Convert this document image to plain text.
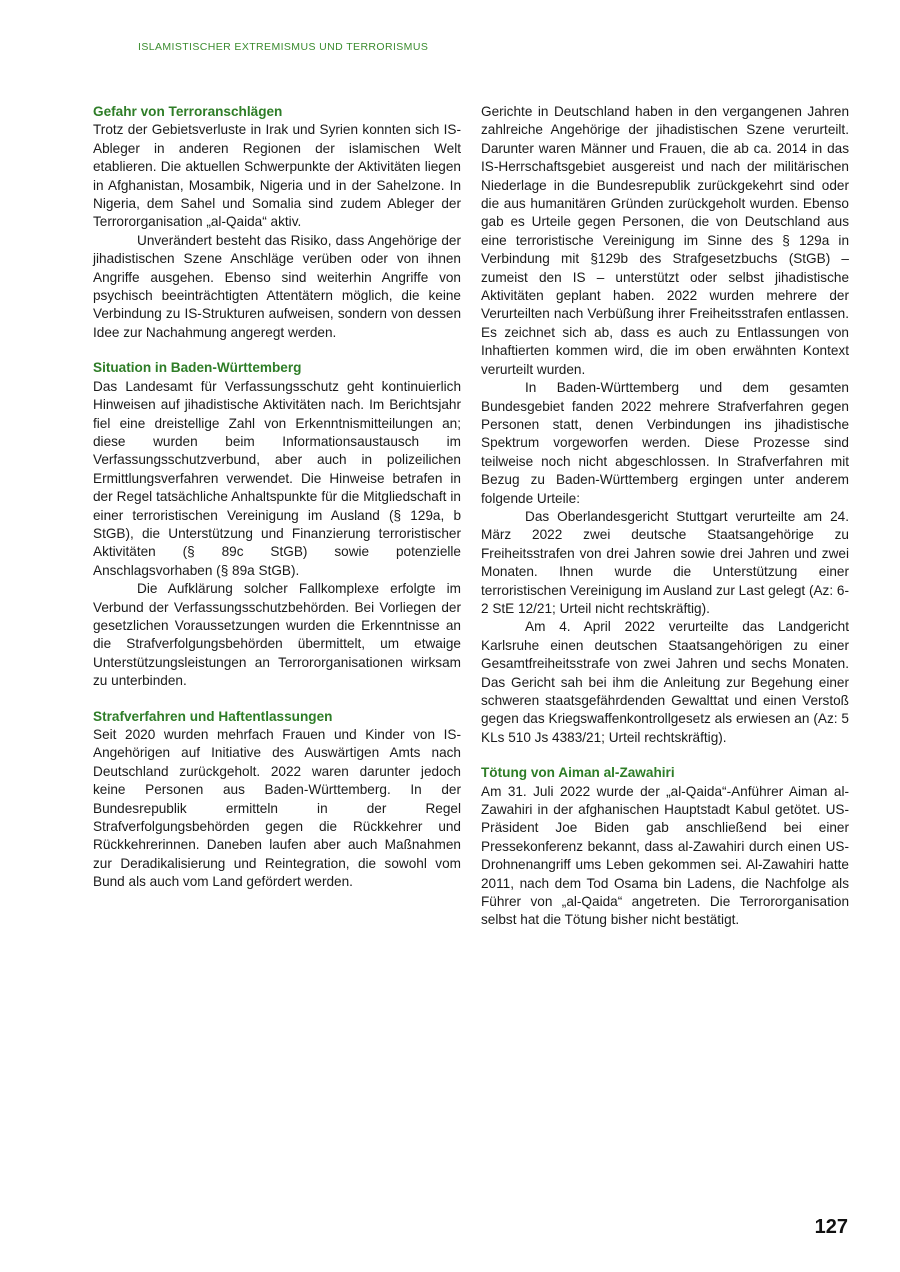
ISLAMISTISCHER EXTREMISMUS UND TERRORISMUS
Gefahr von Terroranschlägen

Trotz der Gebietsverluste in Irak und Syrien konnten sich IS-Ableger in anderen Regionen der islamischen Welt etablieren. Die aktuellen Schwerpunkte der Aktivitäten liegen in Afghanistan, Mosambik, Nigeria und in der Sahelzone. In Nigeria, dem Sahel und Somalia sind zudem Ableger der Terrororganisation „al-Qaida“ aktiv.

Unverändert besteht das Risiko, dass Angehörige der jihadistischen Szene Anschläge verüben oder von ihnen Angriffe ausgehen. Ebenso sind weiterhin Angriffe von psychisch beeinträchtigten Attentätern möglich, die keine Verbindung zu IS-Strukturen aufweisen, sondern von dessen Idee zur Nachahmung angeregt werden.

Situation in Baden-Württemberg

Das Landesamt für Verfassungsschutz geht kontinuierlich Hinweisen auf jihadistische Aktivitäten nach. Im Berichtsjahr fiel eine dreistellige Zahl von Erkenntnismitteilungen an; diese wurden beim Informationsaustausch im Verfassungsschutzverbund, aber auch in polizeilichen Ermittlungsverfahren verwendet. Die Hinweise betrafen in der Regel tatsächliche Anhaltspunkte für die Mitgliedschaft in einer terroristischen Vereinigung im Ausland (§ 129a, b StGB), die Unterstützung und Finanzierung terroristischer Aktivitäten (§ 89c StGB) sowie potenzielle Anschlagsvorhaben (§ 89a StGB).

Die Aufklärung solcher Fallkomplexe erfolgte im Verbund der Verfassungsschutzbehörden. Bei Vorliegen der gesetzlichen Voraussetzungen wurden die Erkenntnisse an die Strafverfolgungsbehörden übermittelt, um etwaige Unterstützungsleistungen an Terrororganisationen wirksam zu unterbinden.

Strafverfahren und Haftentlassungen

Seit 2020 wurden mehrfach Frauen und Kinder von IS-Angehörigen auf Initiative des Auswärtigen Amts nach Deutschland zurückgeholt. 2022 waren darunter jedoch keine Personen aus Baden-Württemberg. In der Bundesrepublik ermitteln in der Regel Strafverfolgungsbehörden gegen die Rückkehrer und Rückkehrerinnen. Daneben laufen aber auch Maßnahmen zur Deradikalisierung und Reintegration, die sowohl vom Bund als auch vom Land gefördert werden.

Gerichte in Deutschland haben in den vergangenen Jahren zahlreiche Angehörige der jihadistischen Szene verurteilt. Darunter waren Männer und Frauen, die ab ca. 2014 in das IS-Herrschaftsgebiet ausgereist und nach der militärischen Niederlage in die Bundesrepublik zurückgekehrt sind oder die aus humanitären Gründen zurückgeholt wurden. Ebenso gab es Urteile gegen Personen, die von Deutschland aus eine terroristische Vereinigung im Sinne des § 129a in Verbindung mit §129b des Strafgesetzbuchs (StGB) – zumeist den IS – unterstützt oder selbst jihadistische Aktivitäten geplant haben. 2022 wurden mehrere der Verurteilten nach Verbüßung ihrer Freiheitsstrafen entlassen. Es zeichnet sich ab, dass es auch zu Entlassungen von Inhaftierten kommen wird, die im oben erwähnten Kontext verurteilt wurden.

In Baden-Württemberg und dem gesamten Bundesgebiet fanden 2022 mehrere Strafverfahren gegen Personen statt, denen Verbindungen ins jihadistische Spektrum vorgeworfen werden. Diese Prozesse sind teilweise noch nicht abgeschlossen. In Strafverfahren mit Bezug zu Baden-Württemberg ergingen unter anderem folgende Urteile:

Das Oberlandesgericht Stuttgart verurteilte am 24. März 2022 zwei deutsche Staatsangehörige zu Freiheitsstrafen von drei Jahren sowie drei Jahren und zwei Monaten. Ihnen wurde die Unterstützung einer terroristischen Vereinigung im Ausland zur Last gelegt (Az: 6-2 StE 12/21; Urteil nicht rechtskräftig).

Am 4. April 2022 verurteilte das Landgericht Karlsruhe einen deutschen Staatsangehörigen zu einer Gesamtfreiheitsstrafe von zwei Jahren und sechs Monaten. Das Gericht sah bei ihm die Anleitung zur Begehung einer schweren staatsgefährdenden Gewalttat und einen Verstoß gegen das Kriegswaffenkontrollgesetz als erwiesen an (Az: 5 KLs 510 Js 4383/21; Urteil rechtskräftig).

Tötung von Aiman al-Zawahiri

Am 31. Juli 2022 wurde der „al-Qaida“-Anführer Aiman al-Zawahiri in der afghanischen Hauptstadt Kabul getötet. US-Präsident Joe Biden gab anschließend bei einer Pressekonferenz bekannt, dass al-Zawahiri durch einen US-Drohnenangriff ums Leben gekommen sei. Al-Zawahiri hatte 2011, nach dem Tod Osama bin Ladens, die Nachfolge als Führer von „al-Qaida“ angetreten. Die Terrororganisation selbst hat die Tötung bisher nicht bestätigt.

127
